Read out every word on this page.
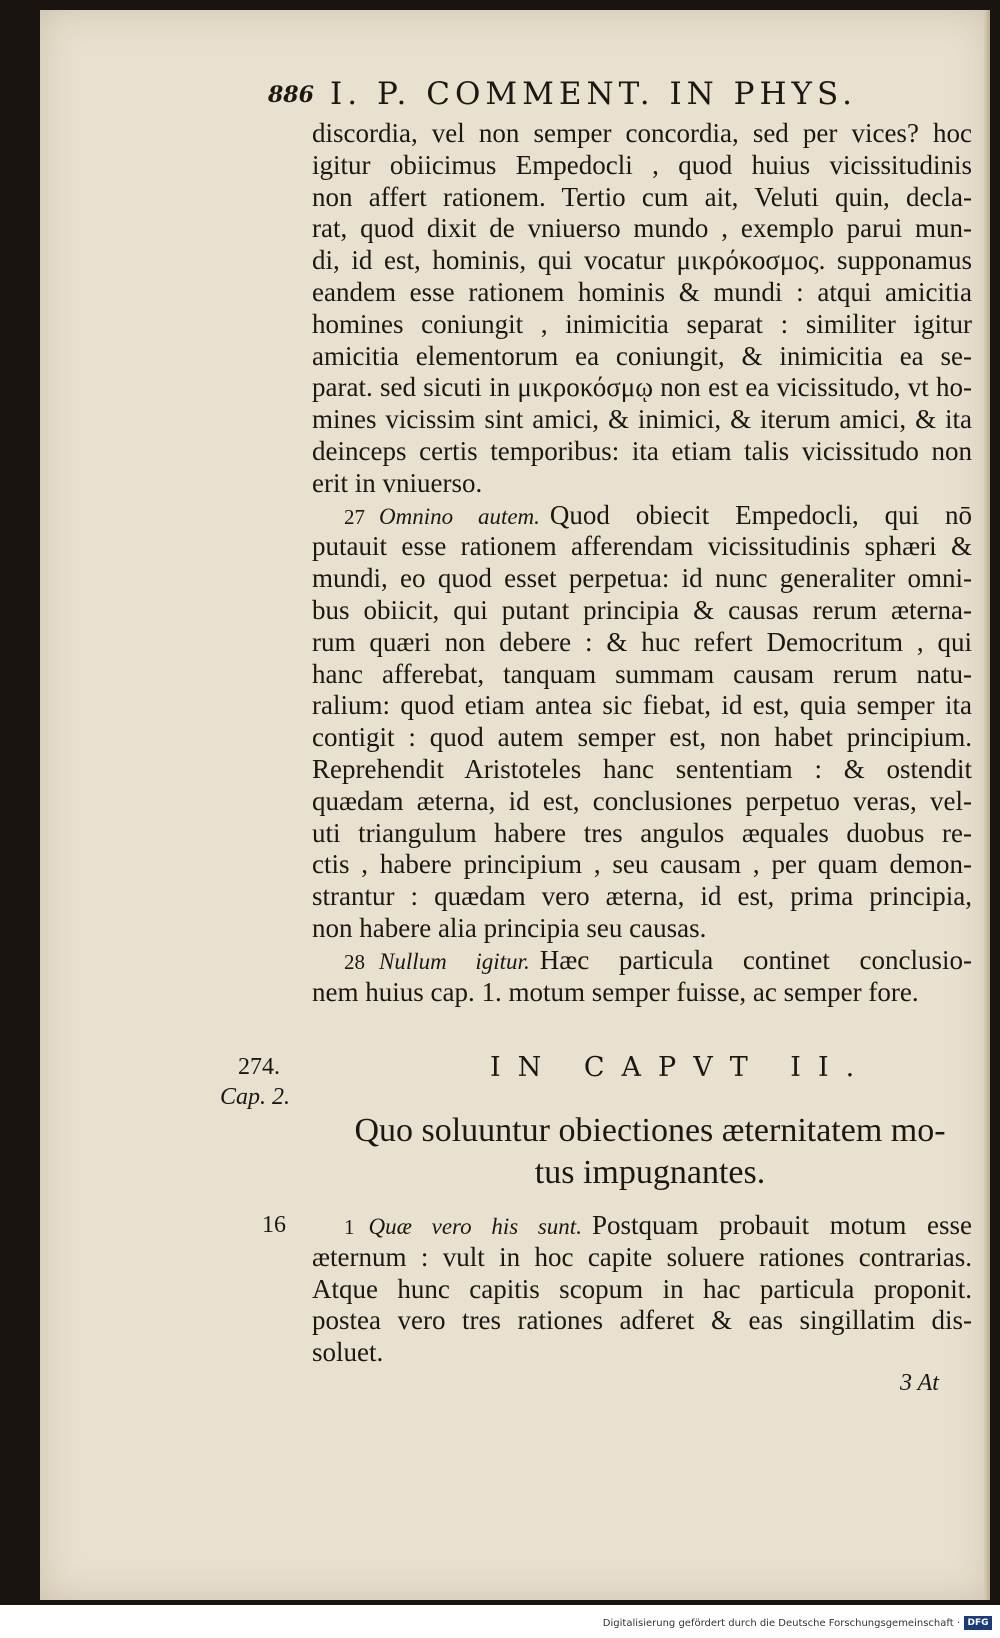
886 I. P. COMMENT. IN PHYS.
discordia, vel non semper concordia, sed per vices? hoc
igitur obiicimus Empedocli , quod huius vicissitudinis
non affert rationem. Tertio cum ait, Veluti quin, decla-
rat, quod dixit de vniuerso mundo , exemplo parui mun-
di, id est, hominis, qui vocatur μικρόκοσμος. supponamus
eandem esse rationem hominis & mundi : atqui amicitia
homines coniungit , inimicitia separat : similiter igitur
amicitia elementorum ea coniungit, & inimicitia ea se-
parat. sed sicuti in μικροκόσμῳ non est ea vicissitudo, vt ho-
mines vicissim sint amici, & inimici, & iterum amici, & ita
deinceps certis temporibus: ita etiam talis vicissitudo non
erit in vniuerso.
27 Omnino autem. Quod obiecit Empedocli, qui nō
putauit esse rationem afferendam vicissitudinis sphæri &
mundi, eo quod esset perpetua: id nunc generaliter omni-
bus obiicit, qui putant principia & causas rerum æterna-
rum quæri non debere : & huc refert Democritum , qui
hanc afferebat, tanquam summam causam rerum natu-
ralium: quod etiam antea sic fiebat, id est, quia semper ita
contigit : quod autem semper est, non habet principium.
Reprehendit Aristoteles hanc sententiam : & ostendit
quædam æterna, id est, conclusiones perpetuo veras, vel-
uti triangulum habere tres angulos æquales duobus re-
ctis , habere principium , seu causam , per quam demon-
strantur : quædam vero æterna, id est, prima principia,
non habere alia principia seu causas.
28 Nullum igitur. Hæc particula continet conclusio-
nem huius cap. 1. motum semper fuisse, ac semper fore.
274.
Cap. 2.
16
IN CAPVT II.
Quo soluuntur obiectiones æternitatem mo-
tus impugnantes.
1 Quæ vero his sunt. Postquam probauit motum esse
æternum : vult in hoc capite soluere rationes contrarias.
Atque hunc capitis scopum in hac particula proponit.
postea vero tres rationes adferet & eas singillatim dis-
soluet.
3 At
Digitalisierung gefördert durch die Deutsche Forschungsgemeinschaft · DFG
